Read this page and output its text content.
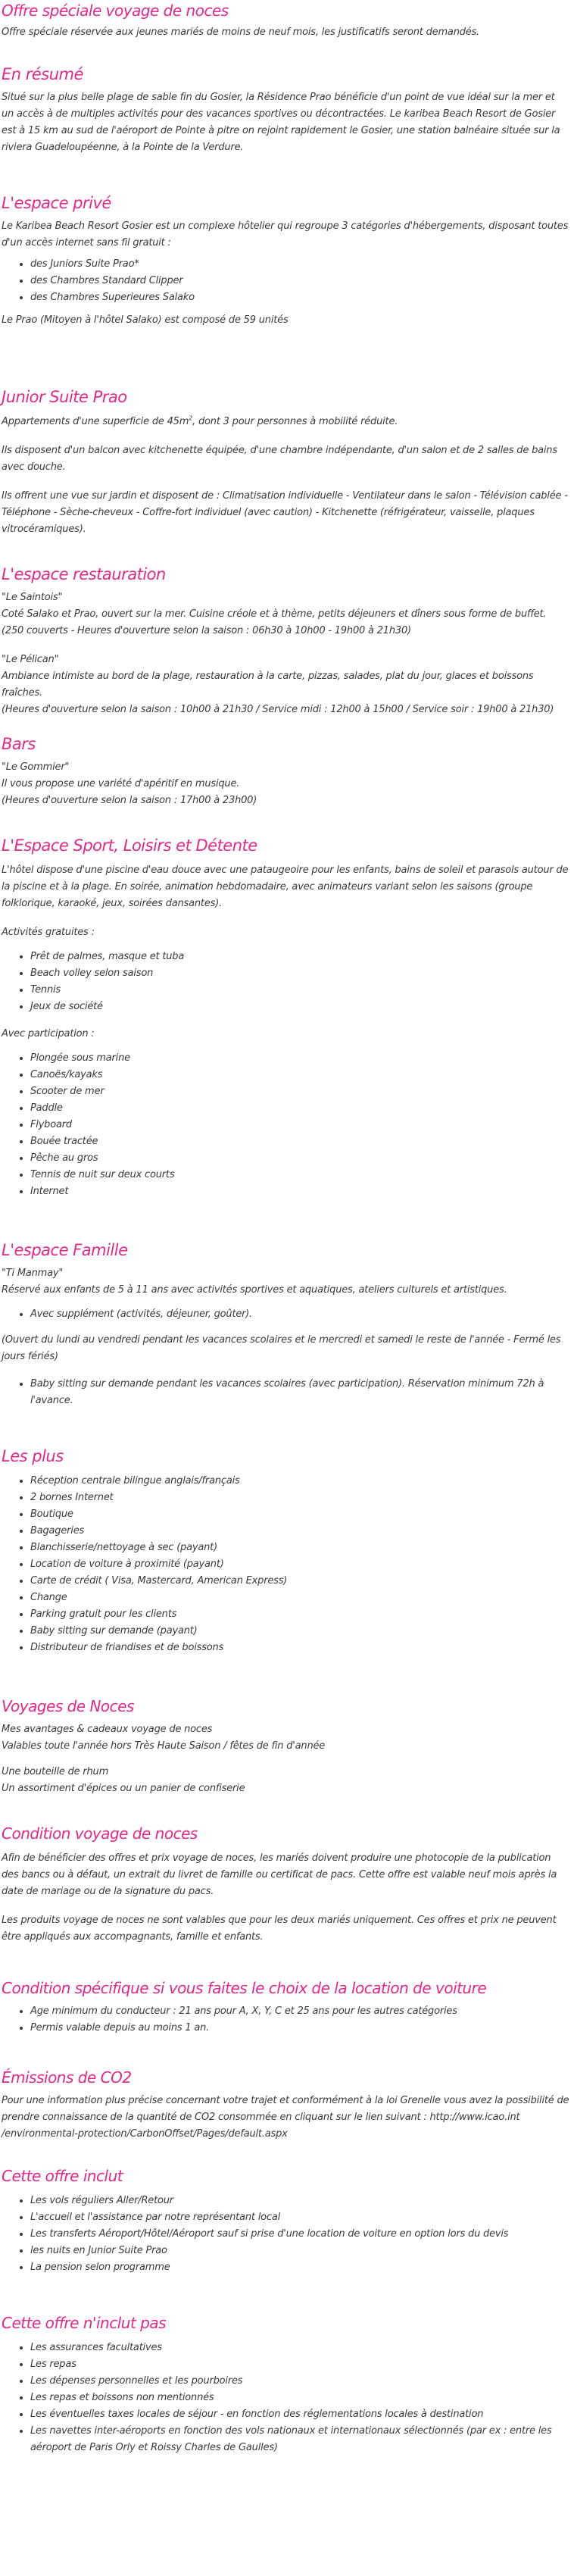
Offre spéciale voyage de noces

Offre spéciale réservée aux jeunes mariés de moins de neuf mois, les justificatifs seront demandés.

En résumé

Situé sur la plus belle plage de sable fin du Gosier, la Résidence Prao bénéficie d'un point de vue idéal sur la mer et un accès à de multiples activités pour des vacances sportives ou décontractées. Le karibea Beach Resort de Gosier est à 15 km au sud de l'aéroport de Pointe à pitre on rejoint rapidement le Gosier, une station balnéaire située sur la riviera Guadeloupéenne, à la Pointe de la Verdure.

L'espace privé

Le Karibea Beach Resort Gosier est un complexe hôtelier qui regroupe 3 catégories d'hébergements, disposant toutes d'un accès internet sans fil gratuit :

• des Juniors Suite Prao*
• des Chambres Standard Clipper
• des Chambres Superieures Salako

Le Prao (Mitoyen à l'hôtel Salako) est composé de 59 unités

Junior Suite Prao

Appartements d'une superficie de $45m^2$, dont 3 pour personnes à mobilité réduite.

Ils disposent d'un balcon avec kitchenette équipée, d'une chambre indépendante, d'un salon et de 2 salles de bains avec douche.

Ils offrent une vue sur jardin et disposent de : Climatisation individuelle - Ventilateur dans le salon - Télévision cablée - Téléphone - Sèche-cheveux - Coffre-fort individuel (avec caution) - Kitchenette (réfrigérateur, vaisselle, plaques vitrocéramiques).

L'espace restauration

"Le Saintois"

Coté Salako et Prao, ouvert sur la mer. Cuisine créole et à thème, petits déjeuners et dîners sous forme de buffet.

(250 couverts - Heures d'ouverture selon la saison : 06h30 à 10h00 - 19h00 à 21h30)

"Le Pélican"

Ambiance intimiste au bord de la plage, restauration à la carte, pizzas, salades, plat du jour, glaces et boissons fraîches.

(Heures d'ouverture selon la saison : 10h00 à 21h30 / Service midi : 12h00 à 15h00 / Service soir : 19h00 à 21h30)

Bars

"Le Gommier"

Il vous propose une variété d'apéritif en musique.

(Heures d'ouverture selon la saison : 17h00 à 23h00)

L'Espace Sport, Loisirs et Détente

L'hôtel dispose d'une piscine d'eau douce avec une pataugeoire pour les enfants, bains de soleil et parasols autour de la piscine et à la plage. En soirée, animation hebdomadaire, avec animateurs variant selon les saisons (groupe folklorique, karaoké, jeux, soirées dansantes).

Activités gratuites :

• Prêt de palmes, masque et tuba
• Beach volley selon saison
• Tennis
• Jeux de société

Avec participation :

• Plongée sous marine
• Canoës/kayaks
• Scooter de mer
• Paddle
• Flyboard
• Bouée tractée
• Pêche au gros
• Tennis de nuit sur deux courts
• Internet
L'espace Famille

"Ti Manmay"

Réservé aux enfants de 5 à 11 ans avec activités sportives et aquatiques, ateliers culturels et artistiques.

• Avec supplément (activités, déjeuner, goûter).

(Ouvert du lundi au vendredi pendant les vacances scolaires et le mercredi et samedi le reste de l'année - Fermé les jours fériés)

• Baby sitting sur demande pendant les vacances scolaires (avec participation). Réservation minimum 72h à l'avance.
Les plus
• Réception centrale bilingue anglais/français
• 2 bornes Internet
• Boutique
• Bagageries
• Blanchisserie/nettoyage à sec (payant)
• Location de voiture à proximité (payant)
• Carte de crédit ( Visa, Mastercard, American Express)
• Change
• Parking gratuit pour les clients
• Baby sitting sur demande (payant)
• Distributeur de friandises et de boissons
Voyages de Noces

Mes avantages & cadeaux voyage de noces

Valables toute l'année hors Très Haute Saison / fêtes de fin d'année

Une bouteille de rhum

Un assortiment d'épices ou un panier de confiserie

Condition voyage de noces

Afin de bénéficier des offres et prix voyage de noces, les mariés doivent produire une photocopie de la publication des bancs ou à défaut, un extrait du livret de famille ou certificat de pacs. Cette offre est valable neuf mois après la date de mariage ou de la signature du pacs.

Les produits voyage de noces ne sont valables que pour les deux mariés uniquement. Ces offres et prix ne peuvent être appliqués aux accompagnants, famille et enfants.

Condition spécifique si vous faites le choix de la location de voiture
• Age minimum du conducteur : 21 ans pour A, X, Y, C et 25 ans pour les autres catégories
• Permis valable depuis au moins 1 an.
Émissions de CO2

Pour une information plus précise concernant votre trajet et conformément à la loi Grenelle vous avez la possibilité de prendre connaissance de la quantité de CO2 consommée en cliquant sur le lien suivant : http://www.icao.int /environmental-protection/CarbonOffset/Pages/default.aspx

Cette offre inclut
• Les vols réguliers Aller/Retour
• L'accueil et l'assistance par notre représentant local
• Les transferts Aéroport/Hôtel/Aéroport sauf si prise d'une location de voiture en option lors du devis
• les nuits en Junior Suite Prao
• La pension selon programme
Cette offre n'inclut pas
• Les assurances facultatives
• Les repas
• Les dépenses personnelles et les pourboires
• Les repas et boissons non mentionnés
• Les éventuelles taxes locales de séjour - en fonction des réglementations locales à destination
• Les navettes inter-aéroports en fonction des vols nationaux et internationaux sélectionnés (par ex : entre les aéroport de Paris Orly et Roissy Charles de Gaulles)
